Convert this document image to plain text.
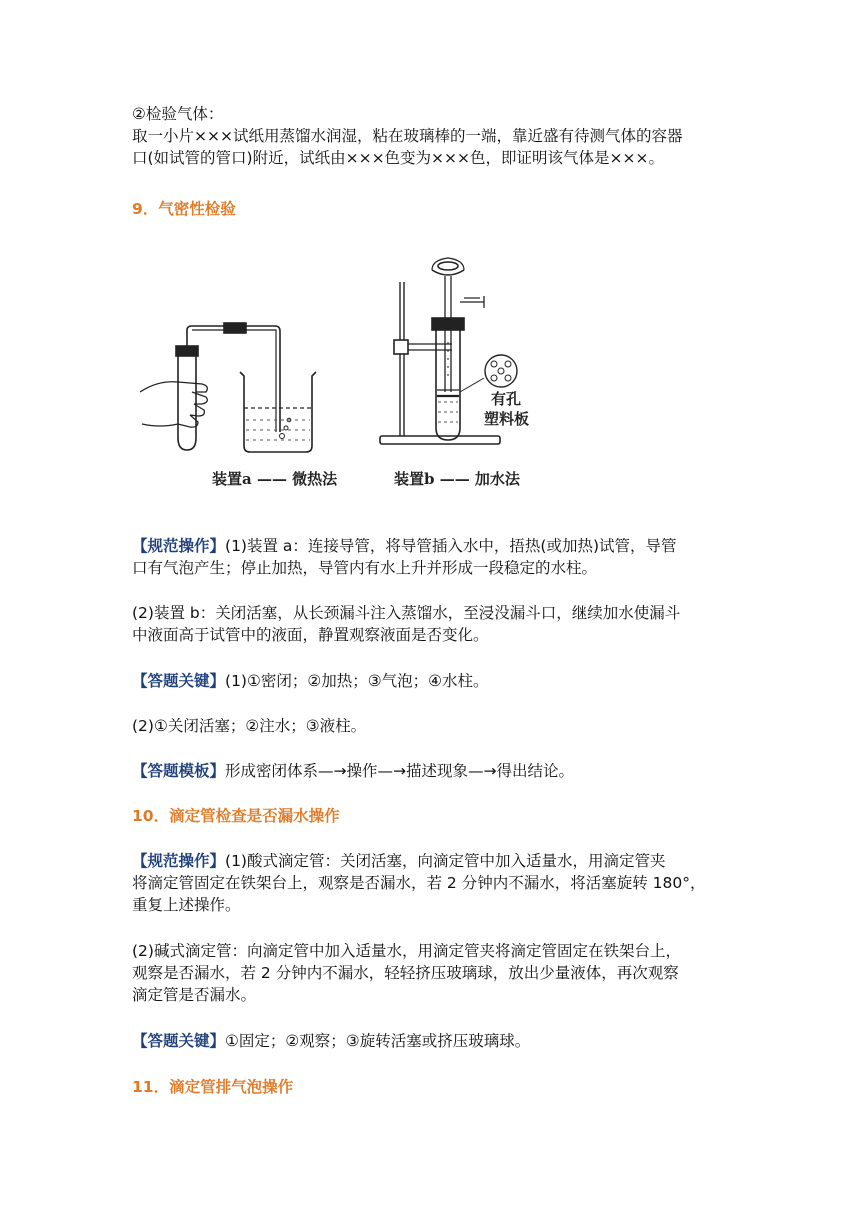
②检验气体：
取一小片×××试纸用蒸馏水润湿，粘在玻璃棒的一端，靠近盛有待测气体的容器
口(如试管的管口)附近，试纸由×××色变为×××色，即证明该气体是×××。
9．气密性检验
有孔
塑料板
装置a —— 微热法	装置b —— 加水法
【规范操作】(1)装置 a：连接导管，将导管插入水中，捂热(或加热)试管，导管
口有气泡产生；停止加热，导管内有水上升并形成一段稳定的水柱。
(2)装置 b：关闭活塞，从长颈漏斗注入蒸馏水，至浸没漏斗口，继续加水使漏斗
中液面高于试管中的液面，静置观察液面是否变化。
【答题关键】(1)①密闭；②加热；③气泡；④水柱。
(2)①关闭活塞；②注水；③液柱。
【答题模板】形成密闭体系—→操作—→描述现象—→得出结论。
10．滴定管检查是否漏水操作
【规范操作】(1)酸式滴定管：关闭活塞，向滴定管中加入适量水，用滴定管夹
将滴定管固定在铁架台上，观察是否漏水，若 2 分钟内不漏水，将活塞旋转 180°，
重复上述操作。
(2)碱式滴定管：向滴定管中加入适量水，用滴定管夹将滴定管固定在铁架台上，
观察是否漏水，若 2 分钟内不漏水，轻轻挤压玻璃球，放出少量液体，再次观察
滴定管是否漏水。
【答题关键】①固定；②观察；③旋转活塞或挤压玻璃球。
11．滴定管排气泡操作
